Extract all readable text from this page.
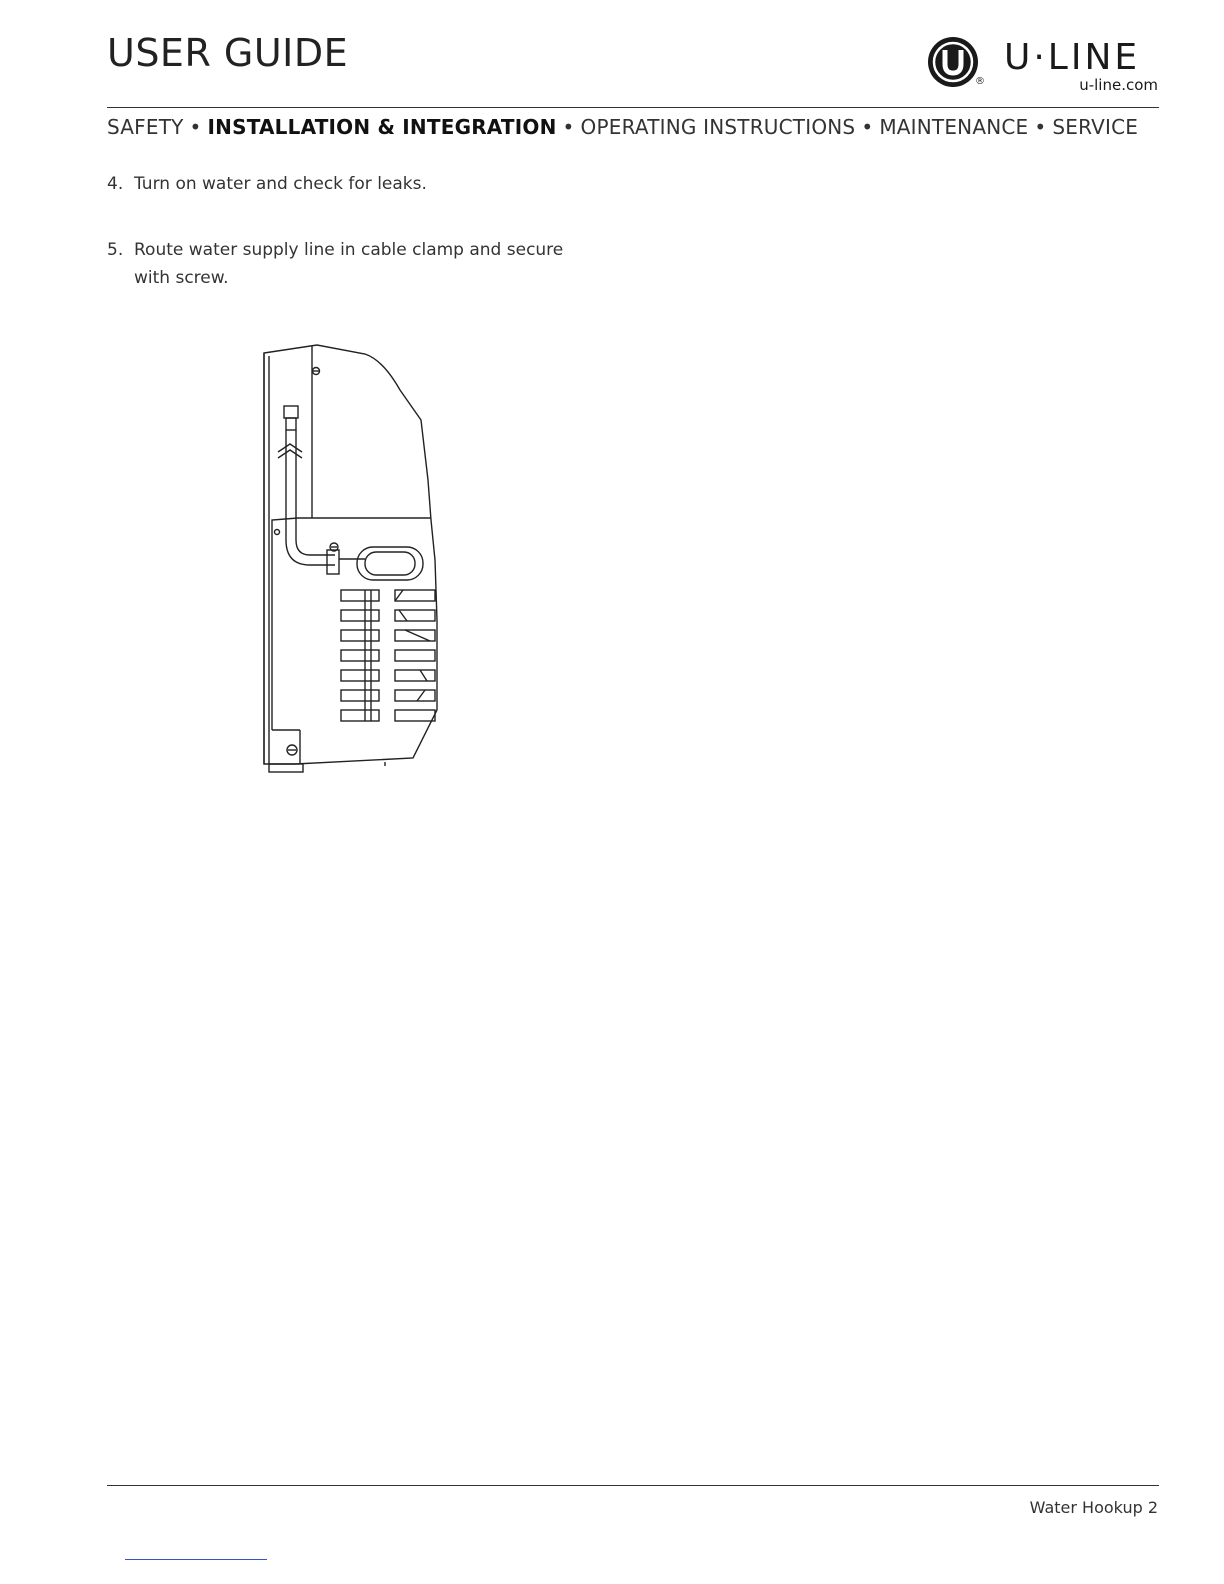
USER GUIDE
®
U·LINE
u-line.com
SAFETY • INSTALLATION & INTEGRATION • OPERATING INSTRUCTIONS • MAINTENANCE • SERVICE
4. Turn on water and check for leaks.
5. Route water supply line in cable clamp and secure with screw.
Water Hookup 2
